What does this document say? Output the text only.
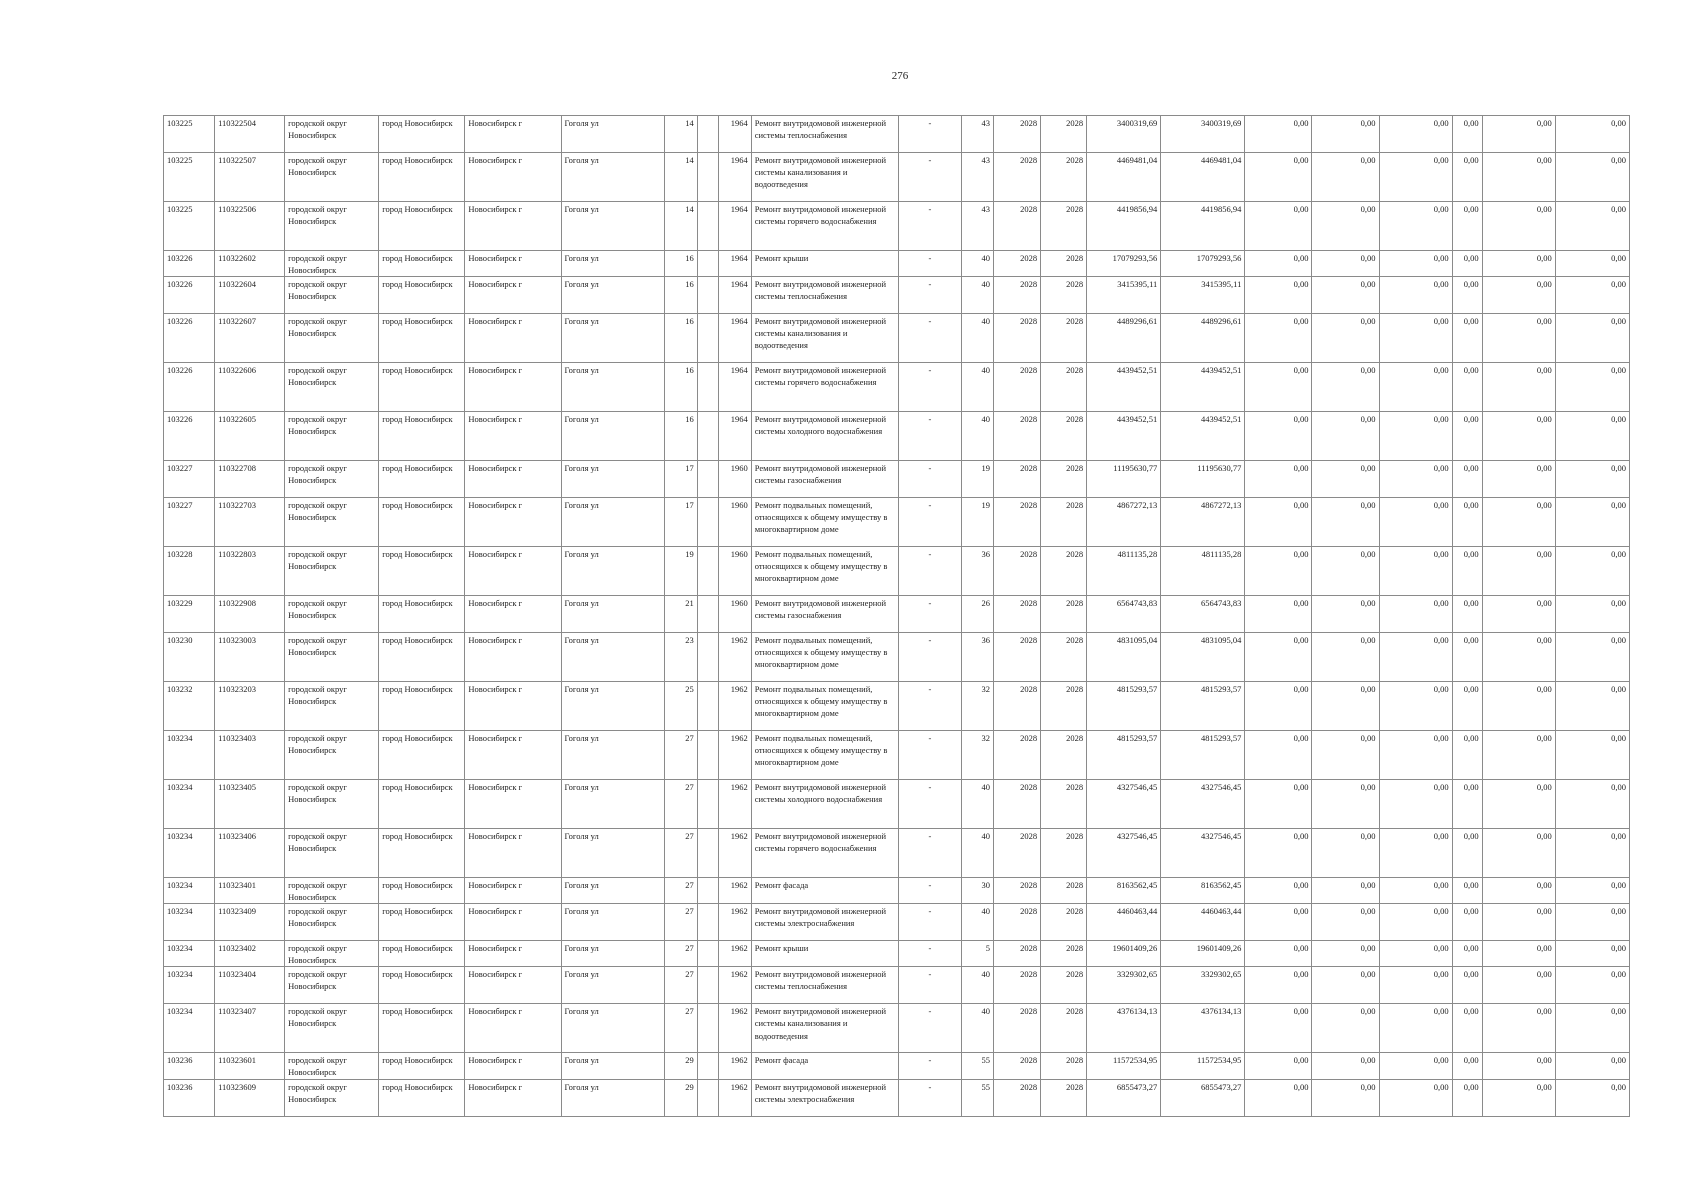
276
103225	110322504	городской округ Новосибирск	город Новосибирск	Новосибирск г	Гоголя ул	14		1964	Ремонт внутридомовой инженерной системы теплоснабжения	-	43	2028	2028	3400319,69	3400319,69	0,00	0,00	0,00	0,00	0,00	0,00
103225	110322507	городской округ Новосибирск	город Новосибирск	Новосибирск г	Гоголя ул	14		1964	Ремонт внутридомовой инженерной системы канализования и водоотведения	-	43	2028	2028	4469481,04	4469481,04	0,00	0,00	0,00	0,00	0,00	0,00
103225	110322506	городской округ Новосибирск	город Новосибирск	Новосибирск г	Гоголя ул	14		1964	Ремонт внутридомовой инженерной системы горячего водоснабжения	-	43	2028	2028	4419856,94	4419856,94	0,00	0,00	0,00	0,00	0,00	0,00
103226	110322602	городской округ Новосибирск	город Новосибирск	Новосибирск г	Гоголя ул	16		1964	Ремонт крыши	-	40	2028	2028	17079293,56	17079293,56	0,00	0,00	0,00	0,00	0,00	0,00
103226	110322604	городской округ Новосибирск	город Новосибирск	Новосибирск г	Гоголя ул	16		1964	Ремонт внутридомовой инженерной системы теплоснабжения	-	40	2028	2028	3415395,11	3415395,11	0,00	0,00	0,00	0,00	0,00	0,00
103226	110322607	городской округ Новосибирск	город Новосибирск	Новосибирск г	Гоголя ул	16		1964	Ремонт внутридомовой инженерной системы канализования и водоотведения	-	40	2028	2028	4489296,61	4489296,61	0,00	0,00	0,00	0,00	0,00	0,00
103226	110322606	городской округ Новосибирск	город Новосибирск	Новосибирск г	Гоголя ул	16		1964	Ремонт внутридомовой инженерной системы горячего водоснабжения	-	40	2028	2028	4439452,51	4439452,51	0,00	0,00	0,00	0,00	0,00	0,00
103226	110322605	городской округ Новосибирск	город Новосибирск	Новосибирск г	Гоголя ул	16		1964	Ремонт внутридомовой инженерной системы холодного водоснабжения	-	40	2028	2028	4439452,51	4439452,51	0,00	0,00	0,00	0,00	0,00	0,00
103227	110322708	городской округ Новосибирск	город Новосибирск	Новосибирск г	Гоголя ул	17		1960	Ремонт внутридомовой инженерной системы газоснабжения	-	19	2028	2028	11195630,77	11195630,77	0,00	0,00	0,00	0,00	0,00	0,00
103227	110322703	городской округ Новосибирск	город Новосибирск	Новосибирск г	Гоголя ул	17		1960	Ремонт подвальных помещений, относящихся к общему имуществу в многоквартирном доме	-	19	2028	2028	4867272,13	4867272,13	0,00	0,00	0,00	0,00	0,00	0,00
103228	110322803	городской округ Новосибирск	город Новосибирск	Новосибирск г	Гоголя ул	19		1960	Ремонт подвальных помещений, относящихся к общему имуществу в многоквартирном доме	-	36	2028	2028	4811135,28	4811135,28	0,00	0,00	0,00	0,00	0,00	0,00
103229	110322908	городской округ Новосибирск	город Новосибирск	Новосибирск г	Гоголя ул	21		1960	Ремонт внутридомовой инженерной системы газоснабжения	-	26	2028	2028	6564743,83	6564743,83	0,00	0,00	0,00	0,00	0,00	0,00
103230	110323003	городской округ Новосибирск	город Новосибирск	Новосибирск г	Гоголя ул	23		1962	Ремонт подвальных помещений, относящихся к общему имуществу в многоквартирном доме	-	36	2028	2028	4831095,04	4831095,04	0,00	0,00	0,00	0,00	0,00	0,00
103232	110323203	городской округ Новосибирск	город Новосибирск	Новосибирск г	Гоголя ул	25		1962	Ремонт подвальных помещений, относящихся к общему имуществу в многоквартирном доме	-	32	2028	2028	4815293,57	4815293,57	0,00	0,00	0,00	0,00	0,00	0,00
103234	110323403	городской округ Новосибирск	город Новосибирск	Новосибирск г	Гоголя ул	27		1962	Ремонт подвальных помещений, относящихся к общему имуществу в многоквартирном доме	-	32	2028	2028	4815293,57	4815293,57	0,00	0,00	0,00	0,00	0,00	0,00
103234	110323405	городской округ Новосибирск	город Новосибирск	Новосибирск г	Гоголя ул	27		1962	Ремонт внутридомовой инженерной системы холодного водоснабжения	-	40	2028	2028	4327546,45	4327546,45	0,00	0,00	0,00	0,00	0,00	0,00
103234	110323406	городской округ Новосибирск	город Новосибирск	Новосибирск г	Гоголя ул	27		1962	Ремонт внутридомовой инженерной системы горячего водоснабжения	-	40	2028	2028	4327546,45	4327546,45	0,00	0,00	0,00	0,00	0,00	0,00
103234	110323401	городской округ Новосибирск	город Новосибирск	Новосибирск г	Гоголя ул	27		1962	Ремонт фасада	-	30	2028	2028	8163562,45	8163562,45	0,00	0,00	0,00	0,00	0,00	0,00
103234	110323409	городской округ Новосибирск	город Новосибирск	Новосибирск г	Гоголя ул	27		1962	Ремонт внутридомовой инженерной системы электроснабжения	-	40	2028	2028	4460463,44	4460463,44	0,00	0,00	0,00	0,00	0,00	0,00
103234	110323402	городской округ Новосибирск	город Новосибирск	Новосибирск г	Гоголя ул	27		1962	Ремонт крыши	-	5	2028	2028	19601409,26	19601409,26	0,00	0,00	0,00	0,00	0,00	0,00
103234	110323404	городской округ Новосибирск	город Новосибирск	Новосибирск г	Гоголя ул	27		1962	Ремонт внутридомовой инженерной системы теплоснабжения	-	40	2028	2028	3329302,65	3329302,65	0,00	0,00	0,00	0,00	0,00	0,00
103234	110323407	городской округ Новосибирск	город Новосибирск	Новосибирск г	Гоголя ул	27		1962	Ремонт внутридомовой инженерной системы канализования и водоотведения	-	40	2028	2028	4376134,13	4376134,13	0,00	0,00	0,00	0,00	0,00	0,00
103236	110323601	городской округ Новосибирск	город Новосибирск	Новосибирск г	Гоголя ул	29		1962	Ремонт фасада	-	55	2028	2028	11572534,95	11572534,95	0,00	0,00	0,00	0,00	0,00	0,00
103236	110323609	городской округ Новосибирск	город Новосибирск	Новосибирск г	Гоголя ул	29		1962	Ремонт внутридомовой инженерной системы электроснабжения	-	55	2028	2028	6855473,27	6855473,27	0,00	0,00	0,00	0,00	0,00	0,00
